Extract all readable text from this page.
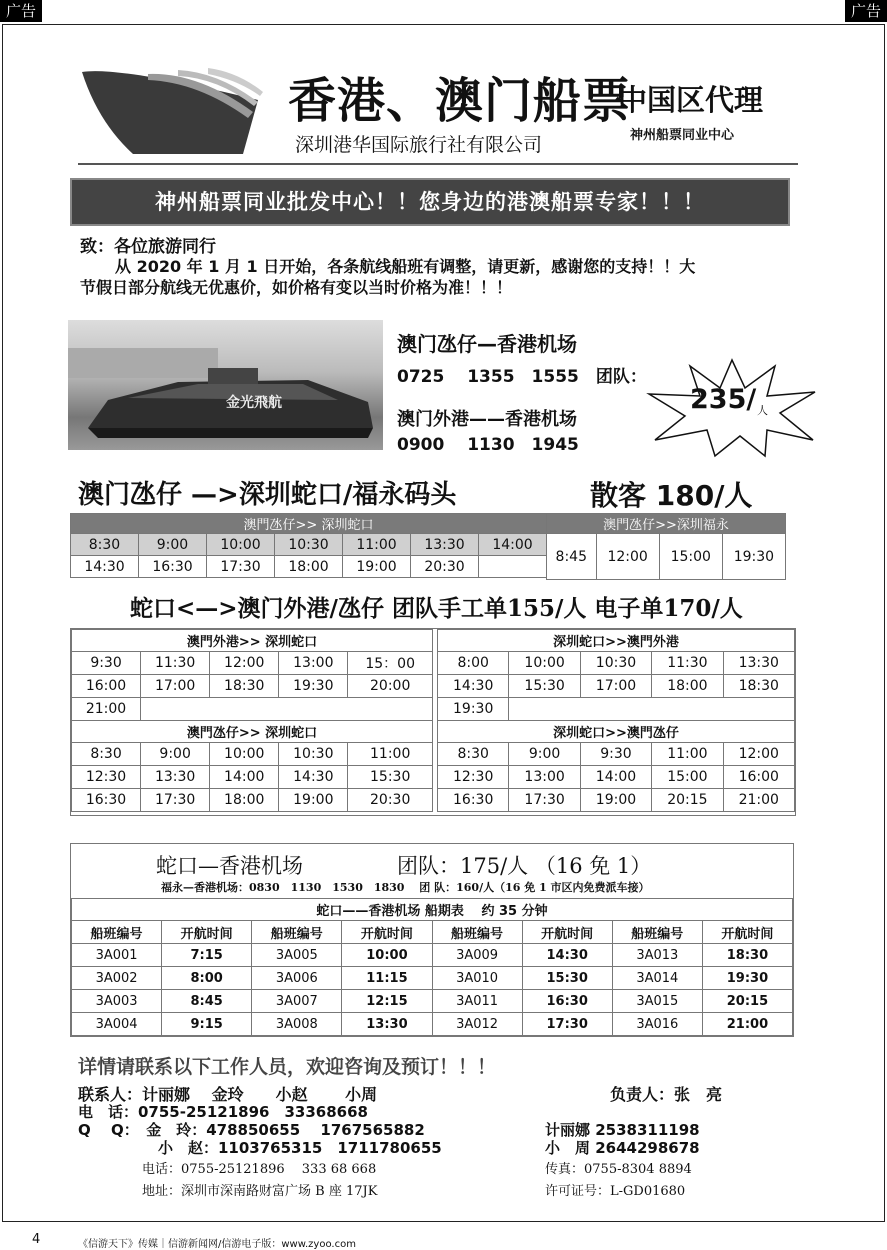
广告	广告
香港、澳门船票
深圳港华国际旅行社有限公司
中国区代理
神州船票同业中心
神州船票同业批发中心！！您身边的港澳船票专家！！！
致：各位旅游同行
从 2020 年 1 月 1 日开始，各条航线船班有调整，请更新，感谢您的支持！！大
节假日部分航线无优惠价，如价格有变以当时价格为准！！！
金光飛航
澳门氹仔—香港机场
0725　 1355　1555　团队：
澳门外港——香港机场
0900　 1130　1945
235/ 人
澳门氹仔 —>深圳蛇口/福永码头	散客 180/人
澳門氹仔>> 深圳蛇口						
8:30	9:00	10:00	10:30	11:00	13:30	14:00
14:30	16:30	17:30	18:00	19:00	20:30	
澳門氹仔>>深圳福永
8:45	12:00	15:00	19:30
蛇口<—>澳门外港/氹仔 团队手工单155/人 电子单170/人
澳門外港>> 深圳蛇口				
9:30	11:30	12:00	13:00	15：00
16:00	17:00	18:30	19:30	20:00
21:00				
澳門氹仔>> 深圳蛇口				
8:30	9:00	10:00	10:30	11:00
12:30	13:30	14:00	14:30	15:30
16:30	17:30	18:00	19:00	20:30
深圳蛇口>>澳門外港				
8:00	10:00	10:30	11:30	13:30
14:30	15:30	17:00	18:00	18:30
19:30				
深圳蛇口>>澳門氹仔				
8:30	9:00	9:30	11:00	12:00
12:30	13:00	14:00	15:00	16:00
16:30	17:30	19:00	20:15	21:00
蛇口—香港机场	团队：175/人 （16 免 1）
福永—香港机场：0830　1130　1530　1830　 团 队：160/人（16 免 1 市区内免费派车接）
蛇口——香港机场 船期表　 约 35 分钟							
船班编号	开航时间	船班编号	开航时间	船班编号	开航时间	船班编号	开航时间
3A001	7:15	3A005	10:00	3A009	14:30	3A013	18:30
3A002	8:00	3A006	11:15	3A010	15:30	3A014	19:30
3A003	8:45	3A007	12:15	3A011	16:30	3A015	20:15
3A004	9:15	3A008	13:30	3A012	17:30	3A016	21:00
详情请联系以下工作人员，欢迎咨询及预订！！！
联系人：计丽娜　 金玲　　小赵　　 小周	负责人：张　亮
电　话：0755-25121896　33368668
Q　 Q：　金　玲：478850655　 1767565882	计丽娜 2538311198
小　赵：1103765315　1711780655	小　周 2644298678
电话：0755-25121896　 333 68 668	传真：0755-8304 8894
地址：深圳市深南路财富广场 B 座 17JK	许可证号：L-GD01680
4	《信游天下》传媒｜信游新闻网/信游电子版：www.zyoo.com
